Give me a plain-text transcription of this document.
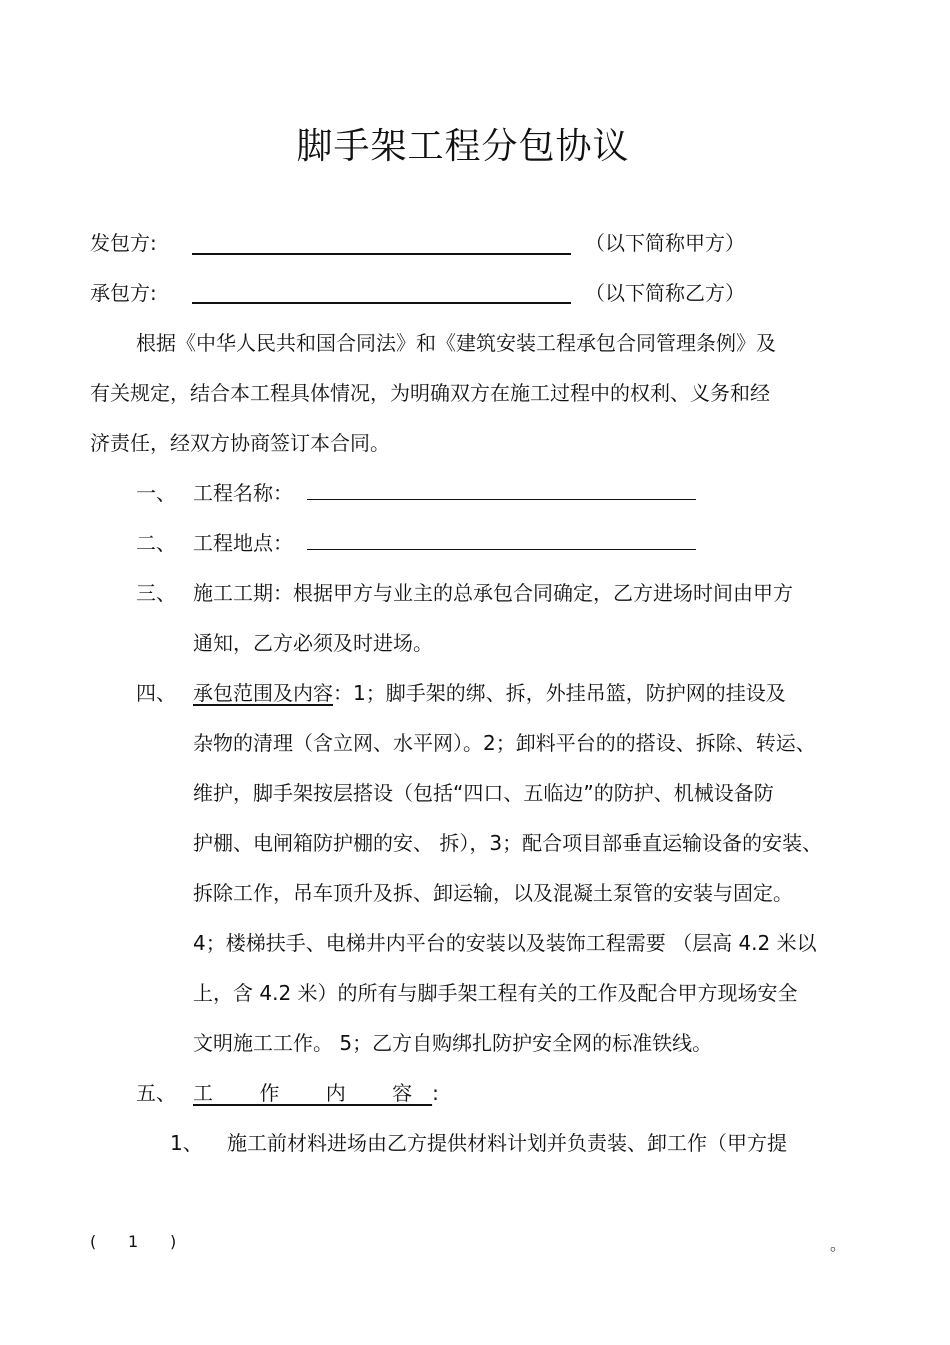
脚手架工程分包协议
发包方:	（以下简称甲方）
承包方:	（以下简称乙方）
根据《中华人民共和国合同法》和《建筑安装工程承包合同管理条例》及
有关规定，结合本工程具体情况，为明确双方在施工过程中的权利、义务和经
济责任，经双方协商签订本合同。
一、 工程名称：
二、 工程地点：
三、 施工工期：根据甲方与业主的总承包合同确定，乙方进场时间由甲方
通知，乙方必须及时进场。
四、 承包范围及内容：1；脚手架的绑、拆，外挂吊篮，防护网的挂设及
杂物的清理（含立网、水平网）。2；卸料平台的的搭设、拆除、转运、
维护，脚手架按层搭设（包括“四口、五临边”的防护、机械设备防
护棚、电闸箱防护棚的安、 拆），3；配合项目部垂直运输设备的安装、
拆除工作，吊车顶升及拆、卸运输，以及混凝土泵管的安装与固定。
4；楼梯扶手、电梯井内平台的安装以及装饰工程需要 （层高 4.2 米以
上，含 4.2 米）的所有与脚手架工程有关的工作及配合甲方现场安全
文明施工工作。 5；乙方自购绑扎防护安全网的标准铁线。
五、 工 作 内 容:
1、 施工前材料进场由乙方提供材料计划并负责装、卸工作（甲方提
( 1 )	。
